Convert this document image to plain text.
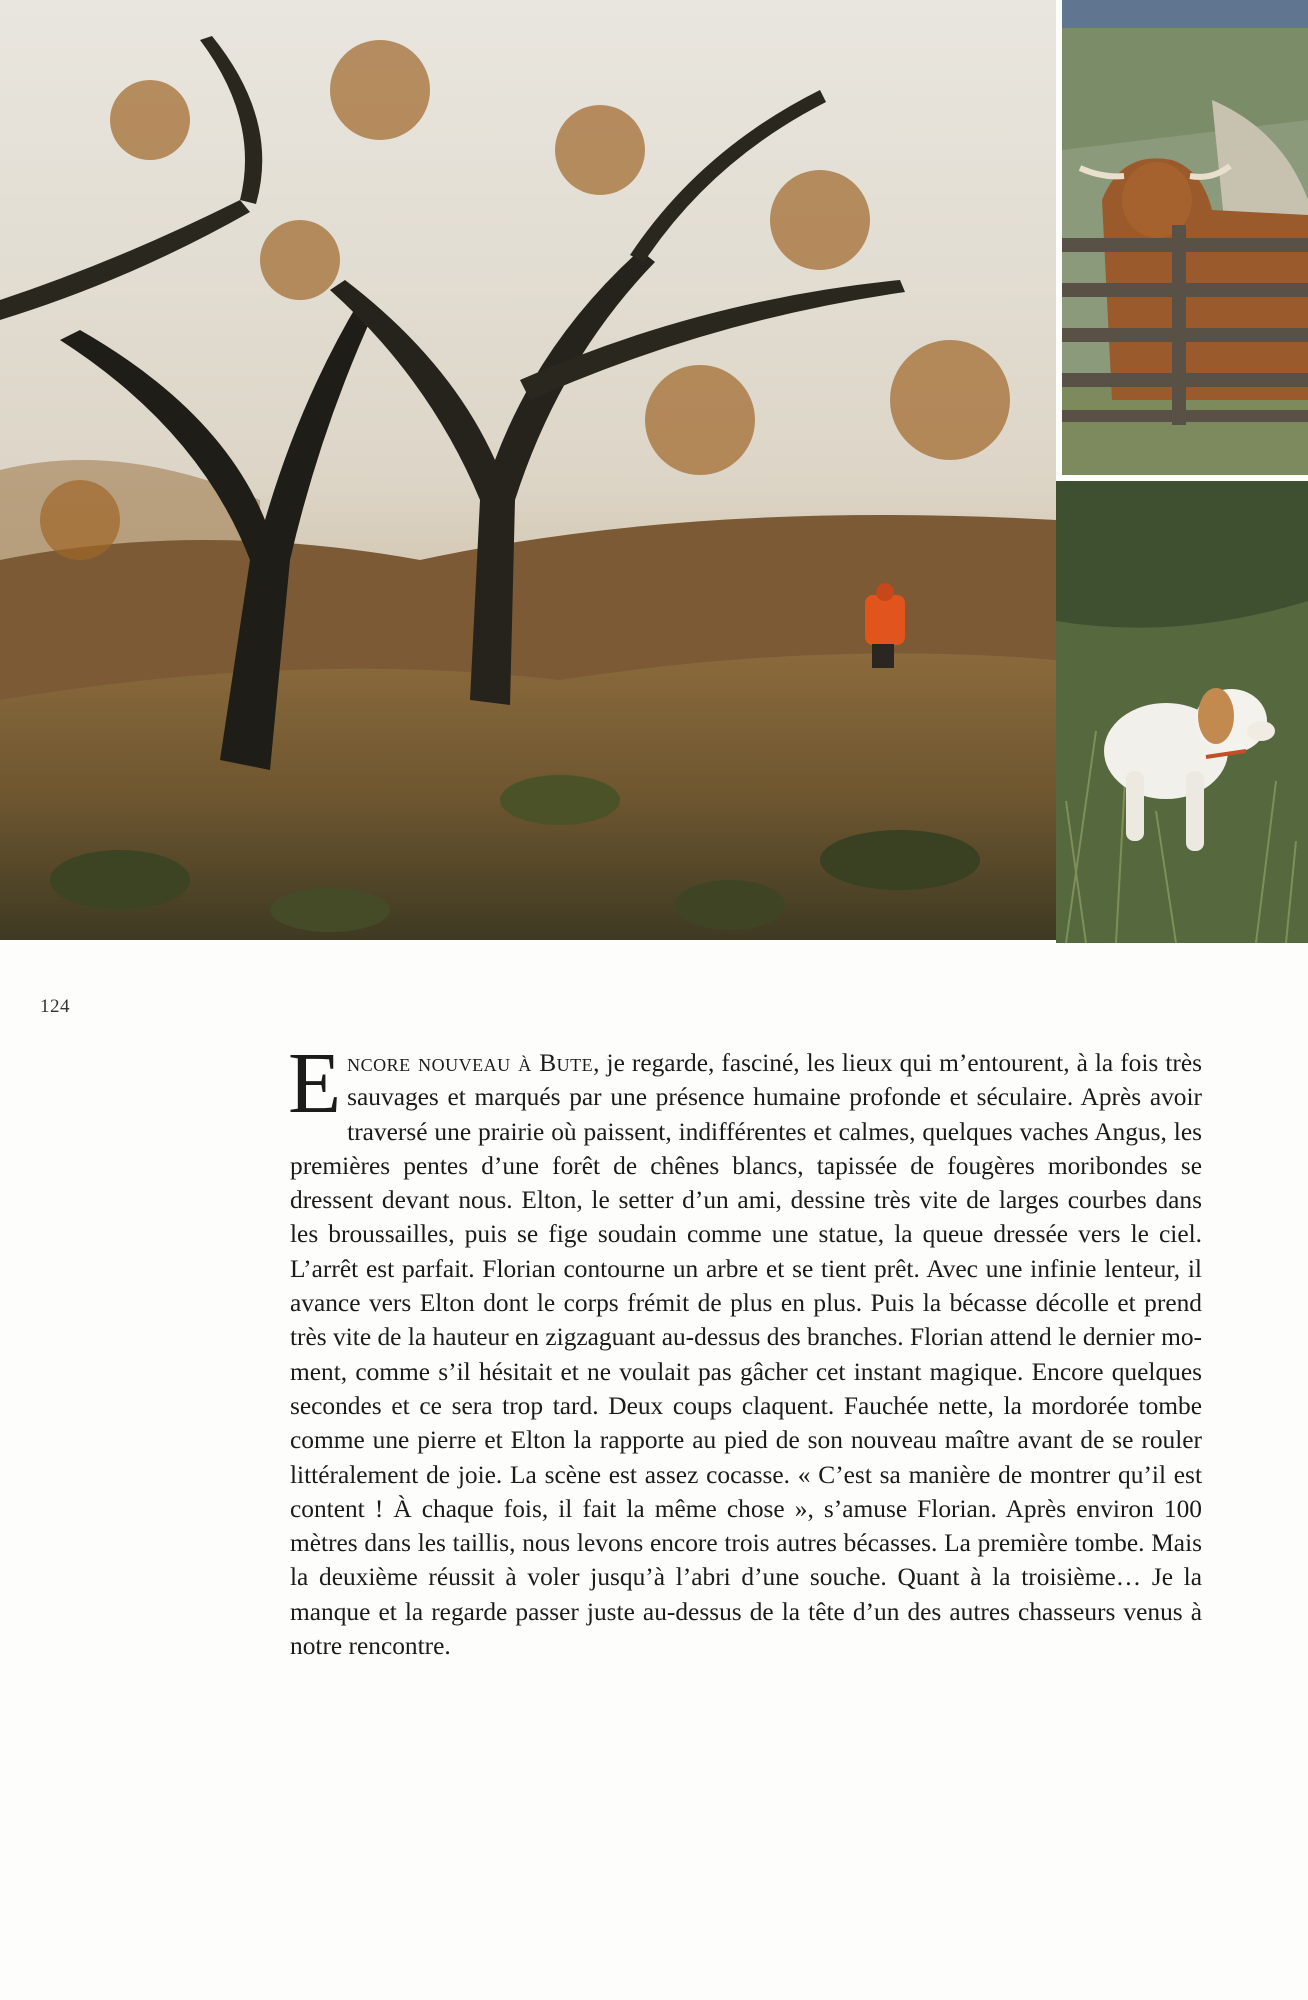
124

Encore nouveau à Bute, je regarde, fasciné, les lieux qui m’entourent, à la fois très sauvages et marqués par une présence humaine profonde et séculaire. Après avoir traversé une prairie où paissent, indifférentes et calmes, quelques vaches Angus, les premières pentes d’une forêt de chênes blancs, tapissée de fougères moribondes se dressent devant nous. Elton, le setter d’un ami, dessine très vite de larges courbes dans les broussailles, puis se fige soudain comme une statue, la queue dressée vers le ciel. L’arrêt est parfait. Florian contourne un arbre et se tient prêt. Avec une infinie lenteur, il avance vers Elton dont le corps frémit de plus en plus. Puis la bécasse décolle et prend très vite de la hauteur en zigzaguant au-dessus des branches. Florian attend le dernier moment, comme s’il hésitait et ne voulait pas gâcher cet instant magique. Encore quelques secondes et ce sera trop tard. Deux coups claquent. Fauchée nette, la mordorée tombe comme une pierre et Elton la rapporte au pied de son nouveau maître avant de se rouler littéralement de joie. La scène est assez cocasse. « C’est sa manière de montrer qu’il est content ! À chaque fois, il fait la même chose », s’amuse Florian. Après environ 100 mètres dans les taillis, nous levons encore trois autres bécasses. La première tombe. Mais la deuxième réussit à voler jusqu’à l’abri d’une souche. Quant à la troisième… Je la manque et la regarde passer juste au-dessus de la tête d’un des autres chasseurs venus à notre rencontre.
